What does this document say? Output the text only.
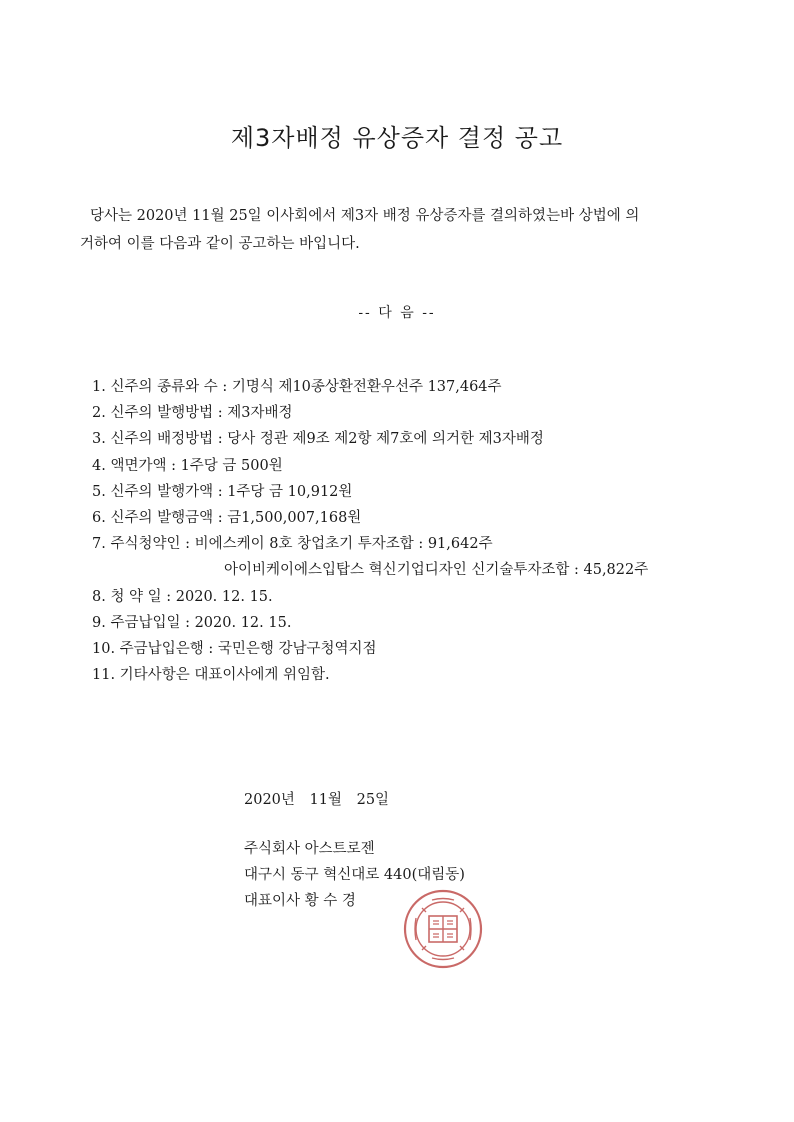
제3자배정 유상증자 결정 공고
당사는 2020년 11월 25일 이사회에서 제3자 배정 유상증자를 결의하였는바 상법에 의
거하여 이를 다음과 같이 공고하는 바입니다.
-- 다 음 --
1. 신주의 종류와 수 : 기명식 제10종상환전환우선주 137,464주
2. 신주의 발행방법 : 제3자배정
3. 신주의 배정방법 : 당사 정관 제9조 제2항 제7호에 의거한 제3자배정
4. 액면가액 : 1주당 금 500원
5. 신주의 발행가액 : 1주당 금 10,912원
6. 신주의 발행금액 : 금1,500,007,168원
7. 주식청약인 : 비에스케이 8호 창업초기 투자조합 : 91,642주
아이비케이에스입탑스 혁신기업디자인 신기술투자조합 : 45,822주
8. 청 약 일 : 2020. 12. 15.
9. 주금납입일 : 2020. 12. 15.
10. 주금납입은행 : 국민은행 강남구청역지점
11. 기타사항은 대표이사에게 위임함.
2020년 11월 25일
주식회사 아스트로젠
대구시 동구 혁신대로 440(대림동)
대표이사 황 수 경
